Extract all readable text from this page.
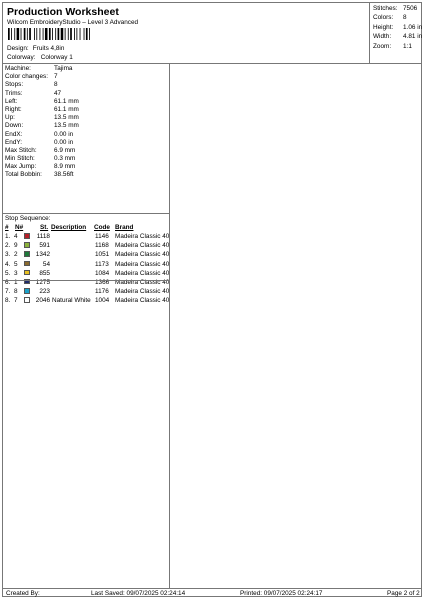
Production Worksheet
Wilcom EmbroideryStudio – Level 3 Advanced
Design: Fruits 4,8in
Colorway: Colorway 1
Stitches: 7506
Colors:	8
Height:	1.06 in
Width:	4.81 in
Zoom:	1:1
Machine:	Tajima
Color changes: 7
Stops:	8
Trims:	47
Left:	61.1 mm
Right:	61.1 mm
Up:	13.5 mm
Down:	13.5 mm
EndX:	0.00 in
EndY:	0.00 in
Max Stitch:	6.9 mm
Min Stitch:	0.3 mm
Max Jump:	8.9 mm
Total Bobbin: 38.56ft
Stop Sequence:
# N#	St. Description Code Brand
1. 4	1118	1146 Madeira Classic 40
2. 9	591	1168 Madeira Classic 40
3. 2	1342	1051 Madeira Classic 40
4. 5	54	1173 Madeira Classic 40
5. 3	855	1084 Madeira Classic 40
6. 1	1275	1366 Madeira Classic 40
7. 8	223	1176 Madeira Classic 40
8. 7	2046 Natural White 1004 Madeira Classic 40
Created By:	Last Saved: 09/07/2025 02:24:14	Printed: 09/07/2025 02:24:17	Page 2 of 2
